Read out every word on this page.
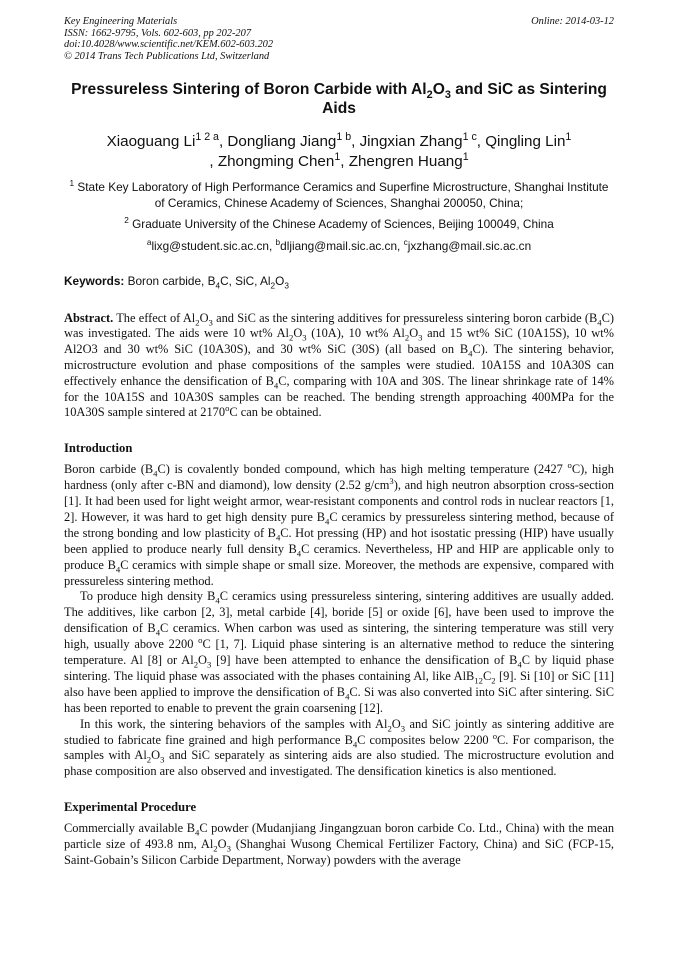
Key Engineering Materials
ISSN: 1662-9795, Vols. 602-603, pp 202-207
doi:10.4028/www.scientific.net/KEM.602-603.202
© 2014 Trans Tech Publications Ltd, Switzerland
Online: 2014-03-12
Pressureless Sintering of Boron Carbide with $Al_2O_3$ and SiC as Sintering Aids
Xiaoguang $Li^{1 2 a}$, Dongliang Jiang$^{1 b}$, Jingxian Zhang$^{1 c}$, Qingling Lin$^1$
, Zhongming Chen$^1$, Zhengren Huang$^1$
$^1$ State Key Laboratory of High Performance Ceramics and Superfine Microstructure, Shanghai Institute of Ceramics, Chinese Academy of Sciences, Shanghai 200050, China;
$^2$ Graduate University of the Chinese Academy of Sciences, Beijing 100049, China
$^a$lixg@student.sic.ac.cn, $^b$dljiang@mail.sic.ac.cn, $^c$jxzhang@mail.sic.ac.cn
Keywords: Boron carbide, $B_4C$, SiC, $Al_2O_3$
Abstract. The effect of $Al_2O_3$ and SiC as the sintering additives for pressureless sintering boron carbide $(B_4C)$ was investigated. The aids were 10 wt% $Al_2O_3$ (10A), 10 wt% $Al_2O_3$ and 15 wt% SiC (10A15S), 10 wt% Al2O3 and 30 wt% SiC (10A30S), and 30 wt% SiC (30S) (all based on $B_4C$). The sintering behavior, microstructure evolution and phase compositions of the samples were studied. 10A15S and 10A30S can effectively enhance the densification of $B_4C$, comparing with 10A and 30S. The linear shrinkage rate of 14% for the 10A15S and 10A30S samples can be reached. The bending strength approaching 400MPa for the 10A30S sample sintered at 2170$^o$C can be obtained.
Introduction

Boron carbide $(B_4C)$ is covalently bonded compound, which has high melting temperature (2427 $^o$C), high hardness (only after c-BN and diamond), low density (2.52 $g/cm^3$), and high neutron absorption cross-section [1]. It had been used for light weight armor, wear-resistant components and control rods in nuclear reactors [1, 2]. However, it was hard to get high density pure $B_4C$ ceramics by pressureless sintering method, because of the strong bonding and low plasticity of $B_4C$. Hot pressing (HP) and hot isostatic pressing (HIP) have usually been applied to produce nearly full density $B_4C$ ceramics. Nevertheless, HP and HIP are applicable only to produce $B_4C$ ceramics with simple shape or small size. Moreover, the methods are expensive, compared with pressureless sintering method.

To produce high density $B_4C$ ceramics using pressureless sintering, sintering additives are usually added. The additives, like carbon [2, 3], metal carbide [4], boride [5] or oxide [6], have been used to improve the densification of $B_4C$ ceramics. When carbon was used as sintering, the sintering temperature was still very high, usually above 2200 $^o$C [1, 7]. Liquid phase sintering is an alternative method to reduce the sintering temperature. Al [8] or $Al_2O_3$ [9] have been attempted to enhance the densification of $B_4C$ by liquid phase sintering. The liquid phase was associated with the phases containing Al, like $AlB_{12}C_2$ [9]. Si [10] or SiC [11] also have been applied to improve the densification of $B_4C$. Si was also converted into SiC after sintering. SiC has been reported to enable to prevent the grain coarsening [12].

In this work, the sintering behaviors of the samples with $Al_2O_3$ and SiC jointly as sintering additive are studied to fabricate fine grained and high performance $B_4C$ composites below 2200 $^o$C. For comparison, the samples with $Al_2O_3$ and SiC separately as sintering aids are also studied. The microstructure evolution and phase composition are also observed and investigated. The densification kinetics is also mentioned.

Experimental Procedure

Commercially available $B_4C$ powder (Mudanjiang Jingangzuan boron carbide Co. Ltd., China) with the mean particle size of 493.8 nm, $Al_2O_3$ (Shanghai Wusong Chemical Fertilizer Factory, China) and SiC (FCP-15, Saint-Gobain’s Silicon Carbide Department, Norway) powders with the average
